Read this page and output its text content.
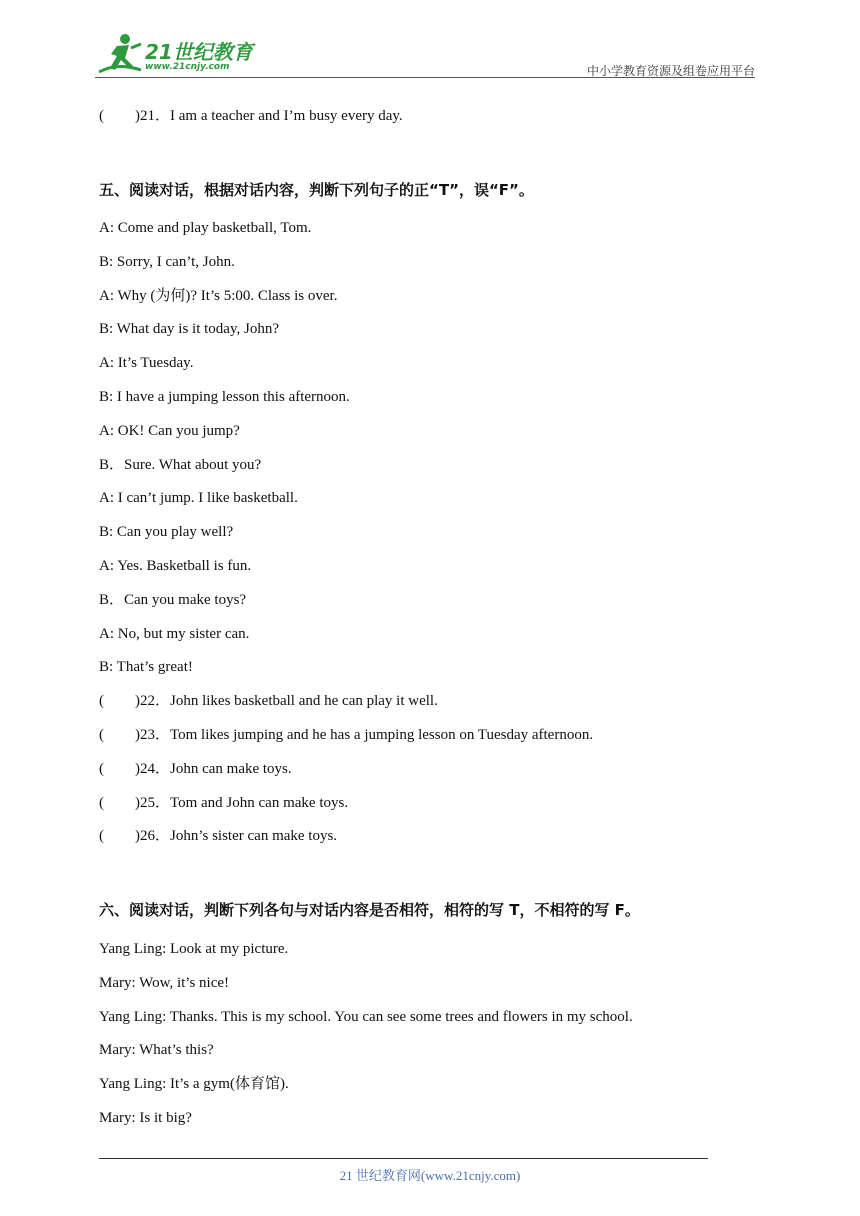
21世纪教育
www.21cnjy.com	中小学教育资源及组卷应用平台
( )21．I am a teacher and I’m busy every day.
五、阅读对话，根据对话内容，判断下列句子的正“T”，误“F”。
A: Come and play basketball, Tom.
B: Sorry, I can’t, John.
A: Why (为何)? It’s 5:00. Class is over.
B: What day is it today, John?
A: It’s Tuesday.
B: I have a jumping lesson this afternoon.
A: OK! Can you jump?
B．Sure. What about you?
A: I can’t jump. I like basketball.
B: Can you play well?
A: Yes. Basketball is fun.
B．Can you make toys?
A: No, but my sister can.
B: That’s great!
( )22．John likes basketball and he can play it well.
( )23．Tom likes jumping and he has a jumping lesson on Tuesday afternoon.
( )24．John can make toys.
( )25．Tom and John can make toys.
( )26．John’s sister can make toys.
六、阅读对话，判断下列各句与对话内容是否相符，相符的写 T，不相符的写 F。
Yang Ling: Look at my picture.
Mary: Wow, it’s nice!
Yang Ling: Thanks. This is my school. You can see some trees and flowers in my school.
Mary: What’s this?
Yang Ling: It’s a gym(体育馆).
Mary: Is it big?
21 世纪教育网(www.21cnjy.com)
